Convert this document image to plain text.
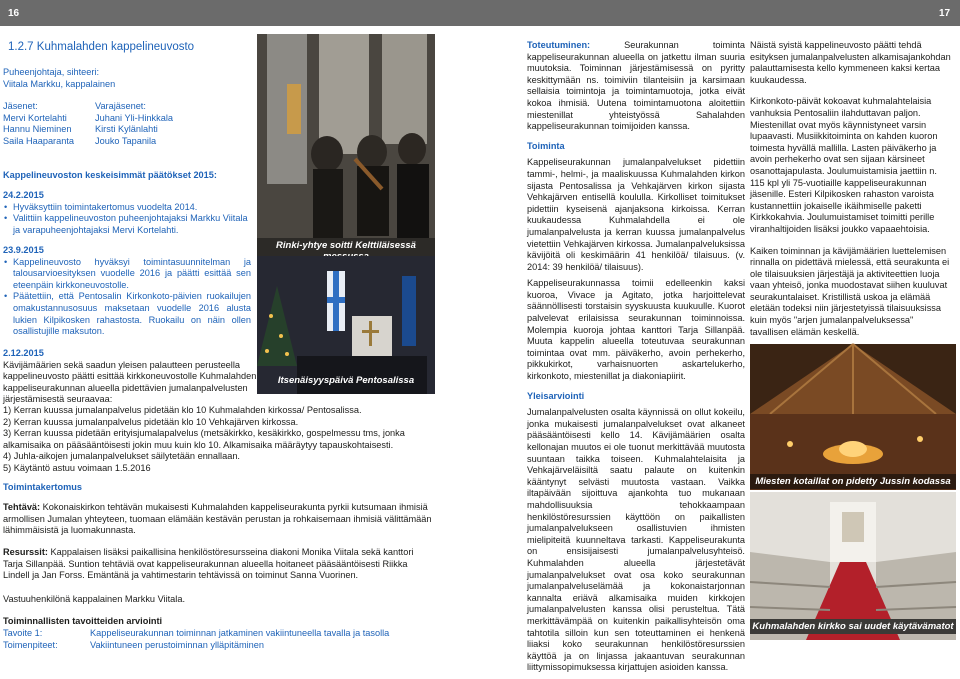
16	17
1.2.7 Kuhmalahden kappelineuvosto
Puheenjohtaja, sihteeri:
Viitala Markku, kappalainen
Jäsenet:
Mervi Kortelahti
Hannu Nieminen
Saila Haaparanta
Varajäsenet:
Juhani Yli-Hinkkala
Kirsti Kylänlahti
Jouko Tapanila
Kappelineuvoston keskeisimmät päätökset 2015:
24.2.2015
• Hyväksyttiin toimintakertomus vuodelta 2014.
• Valittiin kappelineuvoston puheenjohtajaksi Markku Viitala ja varapuheenjohtajaksi Mervi Kortelahti.
23.9.2015
• Kappelineuvosto hyväksyi toimintasuunnitelman ja talousarvioesityksen vuodelle 2016 ja päätti esittää sen eteenpäin kirkkoneuvostolle.
• Päätettiin, että Pentosalin Kirkonkoto-päivien ruokailujen omakustannusosuus maksetaan vuodelle 2016 alusta lukien Kilpikosken rahastosta. Ruokailu on näin ollen osallistujille maksuton.
2.12.2015
Kävijämäärien sekä saadun yleisen palautteen perusteella kappelineuvosto päätti esittää kirkkoneuvostolle Kuhmalahden kappeliseurakunnan alueella pidettävien jumalanpalvelusten järjestämisestä seuraavaa:
1) Kerran kuussa jumalanpalvelus pidetään klo 10 Kuhmalahden kirkossa/ Pentosalissa.
2) Kerran kuussa jumalanpalvelus pidetään klo 10 Vehkajärven kirkossa.
3) Kerran kuussa pidetään erityisjumalapalvelus (metsäkirkko, kesäkirkko, gospelmessu tms, jonka alkamisaika on pääsääntöisesti jokin muu kuin klo 10. Alkamisaika määräytyy tapauskohtaisesti.
4) Juhla-aikojen jumalanpalvelukset säilytetään ennallaan.
5) Käytäntö astuu voimaan 1.5.2016
Toimintakertomus
Tehtävä: Kokonaiskirkon tehtävän mukaisesti Kuhmalahden kappeliseurakunta pyrkii kutsumaan ihmisiä armollisen Jumalan yhteyteen, tuomaan elämään kestävän perustan ja rohkaisemaan ihmisiä välittämään lähimmäisistä ja luomakunnasta.
Resurssit: Kappalaisen lisäksi paikallisina henkilöstöresursseina diakoni Monika Viitala sekä kanttori Tarja Sillanpää. Suntion tehtäviä ovat kappeliseurakunnan alueella hoitaneet pääsääntöisesti Riikka Lindell ja Jan Forss. Emäntänä ja vahtimestarin tehtävissä on toiminut Sanna Vuorinen.
Vastuuhenkilönä kappalainen Markku Viitala.
Toiminnallisten tavoitteiden arviointi
Tavoite 1:	Kappeliseurakunnan toiminnan jatkaminen vakiintuneella tavalla ja tasolla
Toimenpiteet:	Vakiintuneen perustoiminnan ylläpitäminen
Rinki-yhtye soitti Kelttiläisessä
Itsenäisyyspäivä Pentosalissa

Toteutuminen: Seurakunnan toiminta kappeliseurakunnan alueella on jatkettu ilman suuria muutoksia. Toiminnan järjestämisessä on pyritty keskittymään ns. toimiviin tilanteisiin ja karsimaan sellaisia toimintoja ja toimintamuotoja, jotka eivät kokoa ihmisiä. Uutena toimintamuotona aloitettiin miestenillat yhteistyössä Sahalahden kappeliseurakunnan toimijoiden kanssa.

Toiminta

Kappeliseurakunnan jumalanpalvelukset pidettiin tammi-, helmi-, ja maaliskuussa Kuhmalahden kirkon sijasta Pentosalissa ja Vehkajärven kirkon sijasta Vehkajärven entisellä koululla. Kirkolliset toimitukset pidettiin kyseisenä ajanjaksona kirkoissa. Kerran kuukaudessa Kuhmalahdella ei ole jumalanpalvelusta ja kerran kuussa jumalanpalvelus vietettiin Vehkajärven kirkossa. Jumalanpalveluksissa kävijöitä oli keskimäärin 41 henkilöä/ tilaisuus. (v. 2014: 39 henkilöä/ tilaisuus).

Kappeliseurakunnassa toimii edelleenkin kaksi kuoroa, Vivace ja Agitato, jotka harjoittelevat säännöllisesti torstaisin syyskuusta kuukuulle. Kuorot palvelevat erilaisissa seurakunnan toiminnoissa. Molempia kuoroja johtaa kanttori Tarja Sillanpää. Muuta kappelin alueella toteutuvaa seurakunnan toimintaa ovat mm. päiväkerho, avoin perhekerho, pikkukirkot, varhaisnuorten askartelukerho, kirkonkoto, miestenillat ja diakoniapiirit.

Yleisarviointi

Jumalanpalvelusten osalta käynnissä on ollut kokeilu, jonka mukaisesti jumalanpalvelukset ovat alkaneet pääsääntöisesti kello 14. Kävijämäärien osalta kellonajan muutos ei ole tuonut merkittävää muutosta suuntaan taikka toiseen. Kuhmalahtelaisita ja Vehkajärveläisiltä saatu palaute on kuitenkin kääntynyt selvästi muutosta vastaan. Vaikka iltapäivään sijoittuva ajankohta tuo mukanaan mahdollisuuksia tehokkaampaan henkilöstöresurssien käyttöön on paikallisten jumalanpalvelukseen osallistuvien ihmisten mielipiteitä kuunneltava tarkasti. Kappeliseurakunta on ensisijaisesti jumalanpalvelusyhteisö. Kuhmalahden alueella järjestetävät jumalanpalvelukset ovat osa koko seurakunnan jumalanpalveluselämää ja kokonaistarjonnan kannalta eriävä alkamisaika muiden kirkkojen jumalanpalvelusten kanssa olisi perusteltua. Tätä merkittävämpää on kuitenkin paikallisyhteisön oma tahtotila silloin kun sen toteuttaminen ei henkenä liiaksi koko seurakunnan henkilöstöresurssien käyttöä ja on linjassa jakaantuvan seurakunnan liittymissopimuksessa kirjattujen asioiden kanssa.

Näistä syistä kappelineuvosto päätti tehdä esityksen jumalanpalvelusten alkamisajankohdan palauttamisesta kello kymmeneen kaksi kertaa kuukaudessa.

Kirkonkoto-päivät kokoavat kuhmalahtelaisia vanhuksia Pentosaliin ilahduttavan paljon. Miestenillat ovat myös käynnistyneet varsin lupaavasti. Musiikkitoiminta on kahden kuoron toimesta hyvällä mallilla. Lasten päiväkerho ja avoin perhekerho ovat sen sijaan kärsineet osanottajapulasta. Joulumuistamisia jaettiin n. 115 kpl yli 75-vuotiaille kappeliseurakunnan jäsenille. Esteri Kilpikosken rahaston varoista kustannettiin jokaiselle ikäihmiselle paketti Kirkkokahvia. Joulumuistamiset toimitti perille viranhaltijoiden lisäksi joukko vapaaehtoisia.

Kaiken toiminnan ja kävijämäärien luettelemisen rinnalla on pidettävä mielessä, että seurakunta ei ole tilaisuuksien järjestäjä ja aktiviteettien luoja vaan yhteisö, jonka muodostavat siihen kuuluvat seurakuntalaiset. Kristillistä uskoa ja elämää eletään todeksi niin järjestetyissä tilaisuuksissa kuin myös "arjen jumalanpalveluksessa" tavallisen elämän keskellä.

Miesten kotaillat on pidetty Jussin kodassa
Kuhmalahden kirkko sai uudet käytävämatot
